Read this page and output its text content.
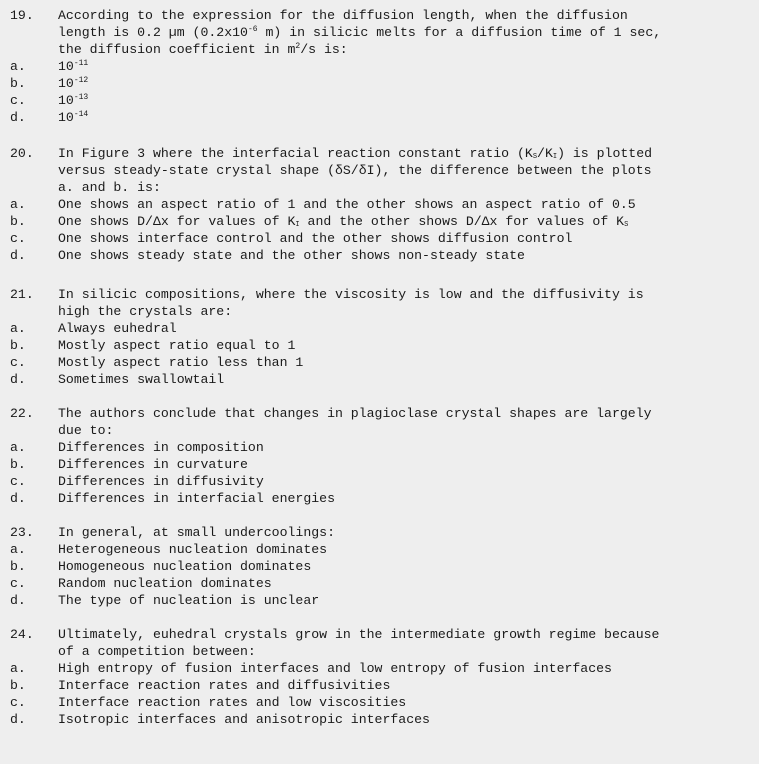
19. According to the expression for the diffusion length, when the diffusion
length is 0.2 µm ($0.2x10^{-6}$ m) in silicic melts for a diffusion time of 1 sec,
the diffusion coefficient in $m^2/s$ is:
a. $10^{-11}$
b. $10^{-12}$
c. $10^{-13}$
d. $10^{-14}$
20. In Figure 3 where the interfacial reaction constant ratio $(K_S/K_I)$ is plotted
versus steady-state crystal shape (δS/δI), the difference between the plots
a. and b. is:
a. One shows an aspect ratio of 1 and the other shows an aspect ratio of 0.5
b. One shows D/Δx for values of $K_I$ and the other shows D/Δx for values of $K_S$
c. One shows interface control and the other shows diffusion control
d. One shows steady state and the other shows non-steady state
21. In silicic compositions, where the viscosity is low and the diffusivity is
high the crystals are:
a. Always euhedral
b. Mostly aspect ratio equal to 1
c. Mostly aspect ratio less than 1
d. Sometimes swallowtail
22. The authors conclude that changes in plagioclase crystal shapes are largely
due to:
a. Differences in composition
b. Differences in curvature
c. Differences in diffusivity
d. Differences in interfacial energies
23. In general, at small undercoolings:
a. Heterogeneous nucleation dominates
b. Homogeneous nucleation dominates
c. Random nucleation dominates
d. The type of nucleation is unclear
24. Ultimately, euhedral crystals grow in the intermediate growth regime because
of a competition between:
a. High entropy of fusion interfaces and low entropy of fusion interfaces
b. Interface reaction rates and diffusivities
c. Interface reaction rates and low viscosities
d. Isotropic interfaces and anisotropic interfaces
